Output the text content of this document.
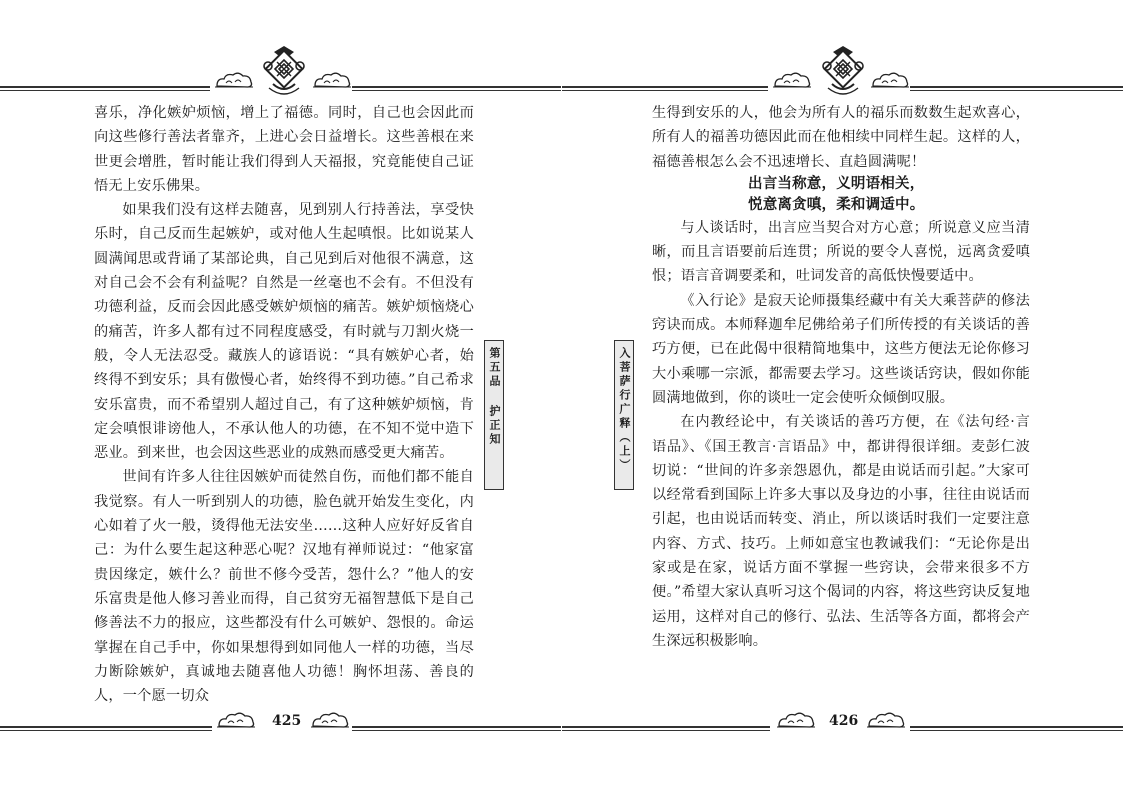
喜乐，净化嫉妒烦恼，增上了福德。同时，自己也会因此而向这些修行善法者靠齐，上进心会日益增长。这些善根在来世更会增胜，暂时能让我们得到人天福报，究竟能使自己证悟无上安乐佛果。

如果我们没有这样去随喜，见到别人行持善法，享受快乐时，自己反而生起嫉妒，或对他人生起嗔恨。比如说某人圆满闻思或背诵了某部论典，自己见到后对他很不满意，这对自己会不会有利益呢？自然是一丝毫也不会有。不但没有功德利益，反而会因此感受嫉妒烦恼的痛苦。嫉妒烦恼烧心的痛苦，许多人都有过不同程度感受，有时就与刀割火烧一般，令人无法忍受。藏族人的谚语说：“具有嫉妒心者，始终得不到安乐；具有傲慢心者，始终得不到功德。”自己希求安乐富贵，而不希望别人超过自己，有了这种嫉妒烦恼，肯定会嗔恨诽谤他人，不承认他人的功德，在不知不觉中造下恶业。到来世，也会因这些恶业的成熟而感受更大痛苦。

世间有许多人往往因嫉妒而徒然自伤，而他们都不能自我觉察。有人一听到别人的功德，脸色就开始发生变化，内心如着了火一般，烫得他无法安坐……这种人应好好反省自己：为什么要生起这种恶心呢？汉地有禅师说过：“他家富贵因缘定，嫉什么？前世不修今受苦，怨什么？”他人的安乐富贵是他人修习善业而得，自己贫穷无福智慧低下是自己修善法不力的报应，这些都没有什么可嫉妒、怨恨的。命运掌握在自己手中，你如果想得到如同他人一样的功德，当尽力断除嫉妒，真诚地去随喜他人功德！胸怀坦荡、善良的人，一个愿一切众

第五品 护正知
425
入菩萨行广释（上）

生得到安乐的人，他会为所有人的福乐而数数生起欢喜心，所有人的福善功德因此而在他相续中同样生起。这样的人，福德善根怎么会不迅速增长、直趋圆满呢！

出言当称意，义明语相关，
悦意离贪嗔，柔和调适中。

与人谈话时，出言应当契合对方心意；所说意义应当清晰，而且言语要前后连贯；所说的要令人喜悦，远离贪爱嗔恨；语言音调要柔和，吐词发音的高低快慢要适中。

《入行论》是寂天论师摄集经藏中有关大乘菩萨的修法窍诀而成。本师释迦牟尼佛给弟子们所传授的有关谈话的善巧方便，已在此偈中很精简地集中，这些方便法无论你修习大小乘哪一宗派，都需要去学习。这些谈话窍诀，假如你能圆满地做到，你的谈吐一定会使听众倾倒叹服。

在内教经论中，有关谈话的善巧方便，在《法句经·言语品》、《国王教言·言语品》中，都讲得很详细。麦彭仁波切说：“世间的许多亲怨恩仇，都是由说话而引起。”大家可以经常看到国际上许多大事以及身边的小事，往往由说话而引起，也由说话而转变、消止，所以谈话时我们一定要注意内容、方式、技巧。上师如意宝也教诫我们：“无论你是出家或是在家，说话方面不掌握一些窍诀，会带来很多不方便。”希望大家认真听习这个偈词的内容，将这些窍诀反复地运用，这样对自己的修行、弘法、生活等各方面，都将会产生深远积极影响。

426
